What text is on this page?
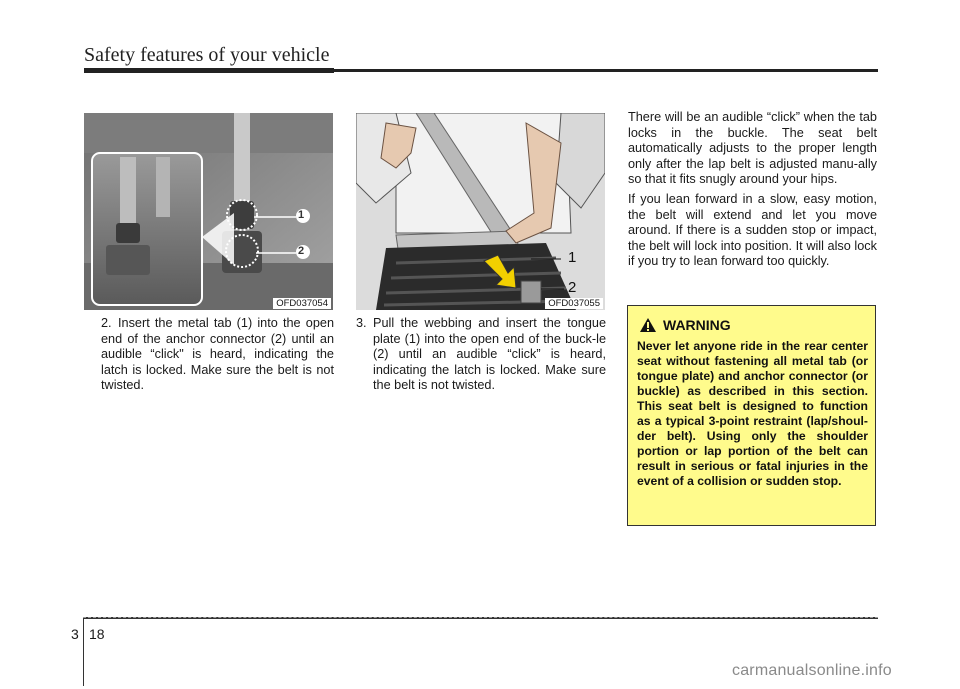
Safety features of your vehicle
1
2
OFD037054
1
2
OFD037055
2. Insert the metal tab (1) into the open end of the anchor connector (2) until an audible “click" is heard, indicating the latch is locked. Make sure the belt is not twisted.
3. Pull the webbing and insert the tongue plate (1) into the open end of the buck-le (2) until an audible “click” is heard, indicating the latch is locked. Make sure the belt is not twisted.

There will be an audible “click” when the tab locks in the buckle. The seat belt automatically adjusts to the proper length only after the lap belt is adjusted manu-ally so that it fits snugly around your hips.

If you lean forward in a slow, easy motion, the belt will extend and let you move around. If there is a sudden stop or impact, the belt will lock into position. It will also lock if you try to lean forward too quickly.

WARNING
Never let anyone ride in the rear center seat without fastening all metal tab (or tongue plate) and anchor connector (or buckle) as described in this section. This seat belt is designed to function as a typical 3-point restraint (lap/shoul-der belt). Using only the shoulder portion or lap portion of the belt can result in serious or fatal injuries in the event of a collision or sudden stop.
3 18
carmanualsonline.info
